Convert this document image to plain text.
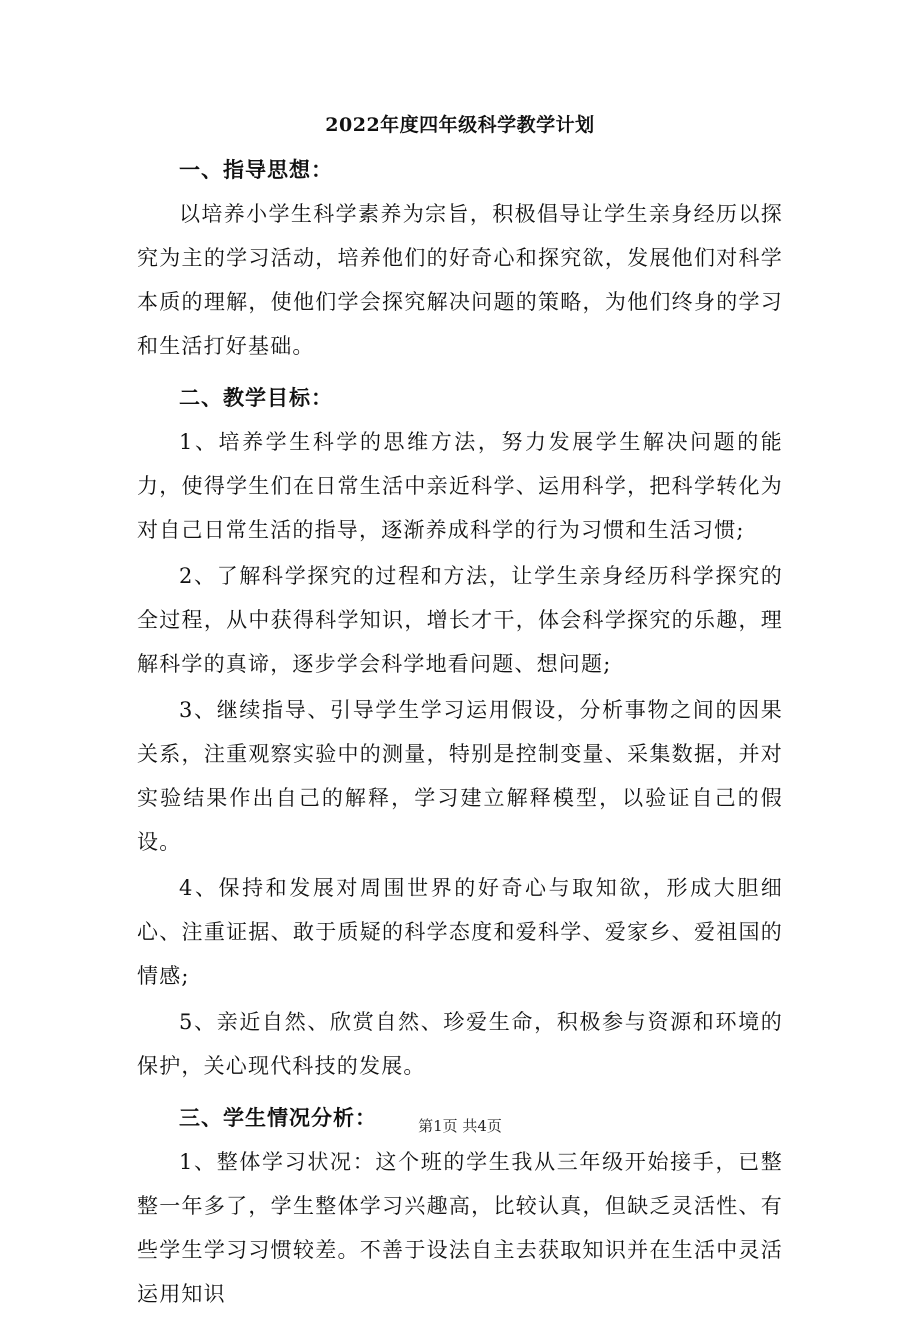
2022年度四年级科学教学计划
一、指导思想：

以培养小学生科学素养为宗旨，积极倡导让学生亲身经历以探究为主的学习活动，培养他们的好奇心和探究欲，发展他们对科学本质的理解，使他们学会探究解决问题的策略，为他们终身的学习和生活打好基础。

二、教学目标：

1、培养学生科学的思维方法，努力发展学生解决问题的能力，使得学生们在日常生活中亲近科学、运用科学，把科学转化为对自己日常生活的指导，逐渐养成科学的行为习惯和生活习惯;

2、了解科学探究的过程和方法，让学生亲身经历科学探究的全过程，从中获得科学知识，增长才干，体会科学探究的乐趣，理解科学的真谛，逐步学会科学地看问题、想问题;

3、继续指导、引导学生学习运用假设，分析事物之间的因果关系，注重观察实验中的测量，特别是控制变量、采集数据，并对实验结果作出自己的解释，学习建立解释模型，以验证自己的假设。

4、保持和发展对周围世界的好奇心与取知欲，形成大胆细心、注重证据、敢于质疑的科学态度和爱科学、爱家乡、爱祖国的情感;

5、亲近自然、欣赏自然、珍爱生命，积极参与资源和环境的保护，关心现代科技的发展。

三、学生情况分析：

1、整体学习状况：这个班的学生我从三年级开始接手，已整整一年多了，学生整体学习兴趣高，比较认真，但缺乏灵活性、有些学生学习习惯较差。不善于设法自主去获取知识并在生活中灵活运用知识

第1页 共4页
